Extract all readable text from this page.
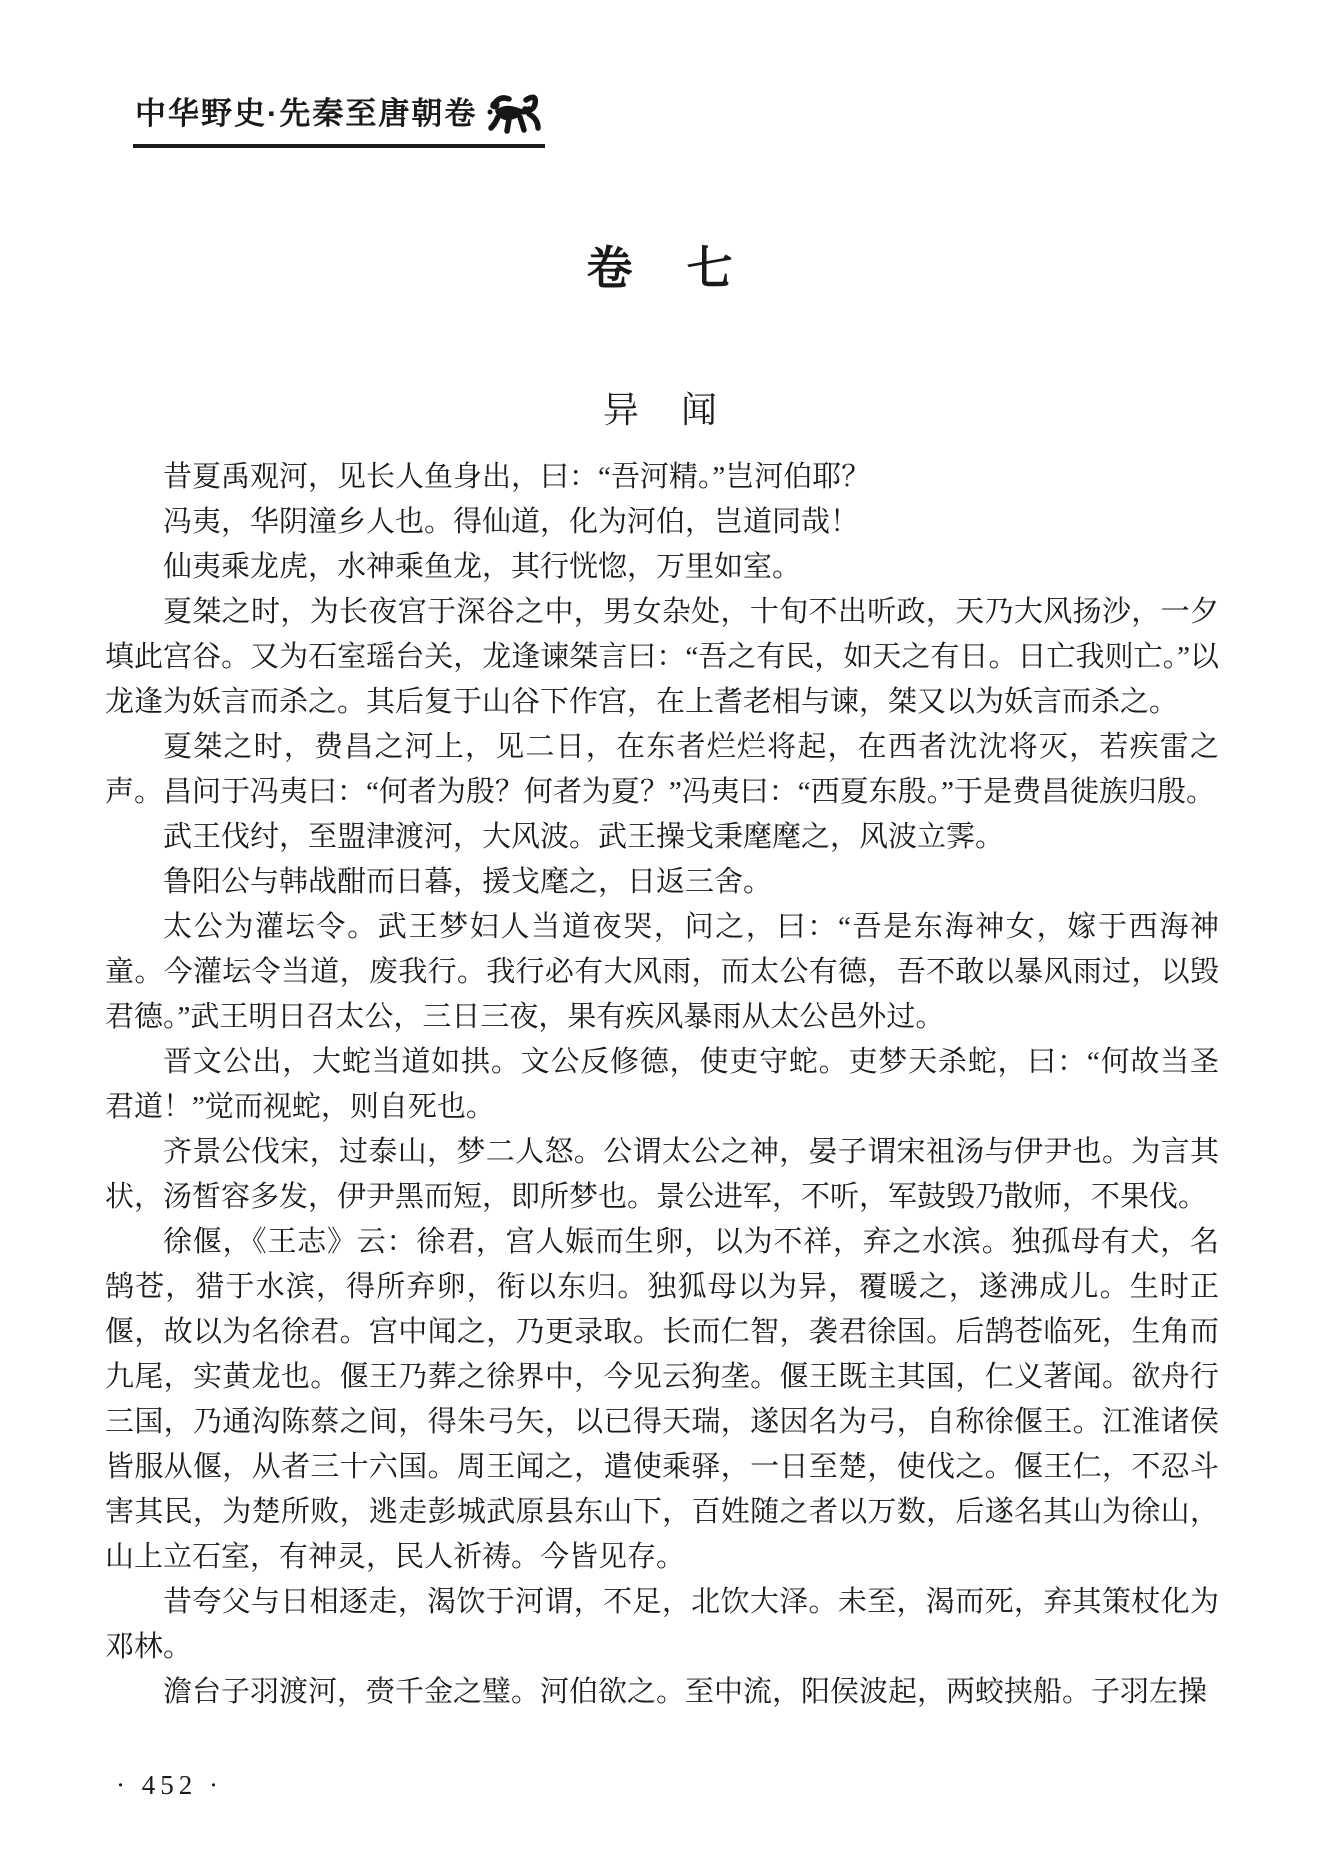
中华野史·先秦至唐朝卷
卷　七
异　闻

昔夏禹观河，见长人鱼身出，曰：“吾河精。”岂河伯耶？

冯夷，华阴潼乡人也。得仙道，化为河伯，岂道同哉！

仙夷乘龙虎，水神乘鱼龙，其行恍惚，万里如室。

夏桀之时，为长夜宫于深谷之中，男女杂处，十旬不出听政，天乃大风扬沙，一夕填此宫谷。又为石室瑶台关，龙逢谏桀言曰：“吾之有民，如天之有日。日亡我则亡。”以龙逢为妖言而杀之。其后复于山谷下作宫，在上耆老相与谏，桀又以为妖言而杀之。

夏桀之时，费昌之河上，见二日，在东者烂烂将起，在西者沈沈将灭，若疾雷之声。昌问于冯夷曰：“何者为殷？何者为夏？”冯夷曰：“西夏东殷。”于是费昌徙族归殷。

武王伐纣，至盟津渡河，大风波。武王操戈秉麾麾之，风波立霁。

鲁阳公与韩战酣而日暮，援戈麾之，日返三舍。

太公为灌坛令。武王梦妇人当道夜哭，问之，曰：“吾是东海神女，嫁于西海神童。今灌坛令当道，废我行。我行必有大风雨，而太公有德，吾不敢以暴风雨过，以毁君德。”武王明日召太公，三日三夜，果有疾风暴雨从太公邑外过。

晋文公出，大蛇当道如拱。文公反修德，使吏守蛇。吏梦天杀蛇，曰：“何故当圣君道！”觉而视蛇，则自死也。

齐景公伐宋，过泰山，梦二人怒。公谓太公之神，晏子谓宋祖汤与伊尹也。为言其状，汤皙容多发，伊尹黑而短，即所梦也。景公进军，不听，军鼓毁乃散师，不果伐。

徐偃，《王志》云：徐君，宫人娠而生卵，以为不祥，弃之水滨。独孤母有犬，名鹄苍，猎于水滨，得所弃卵，衔以东归。独狐母以为异，覆暖之，遂沸成儿。生时正偃，故以为名徐君。宫中闻之，乃更录取。长而仁智，袭君徐国。后鹄苍临死，生角而九尾，实黄龙也。偃王乃葬之徐界中，今见云狗垄。偃王既主其国，仁义著闻。欲舟行三国，乃通沟陈蔡之间，得朱弓矢，以已得天瑞，遂因名为弓，自称徐偃王。江淮诸侯皆服从偃，从者三十六国。周王闻之，遣使乘驿，一日至楚，使伐之。偃王仁，不忍斗害其民，为楚所败，逃走彭城武原县东山下，百姓随之者以万数，后遂名其山为徐山，山上立石室，有神灵，民人祈祷。今皆见存。

昔夸父与日相逐走，渴饮于河谓，不足，北饮大泽。未至，渴而死，弃其策杖化为邓林。

澹台子羽渡河，赍千金之璧。河伯欲之。至中流，阳侯波起，两蛟挟船。子羽左操

· 452 ·
